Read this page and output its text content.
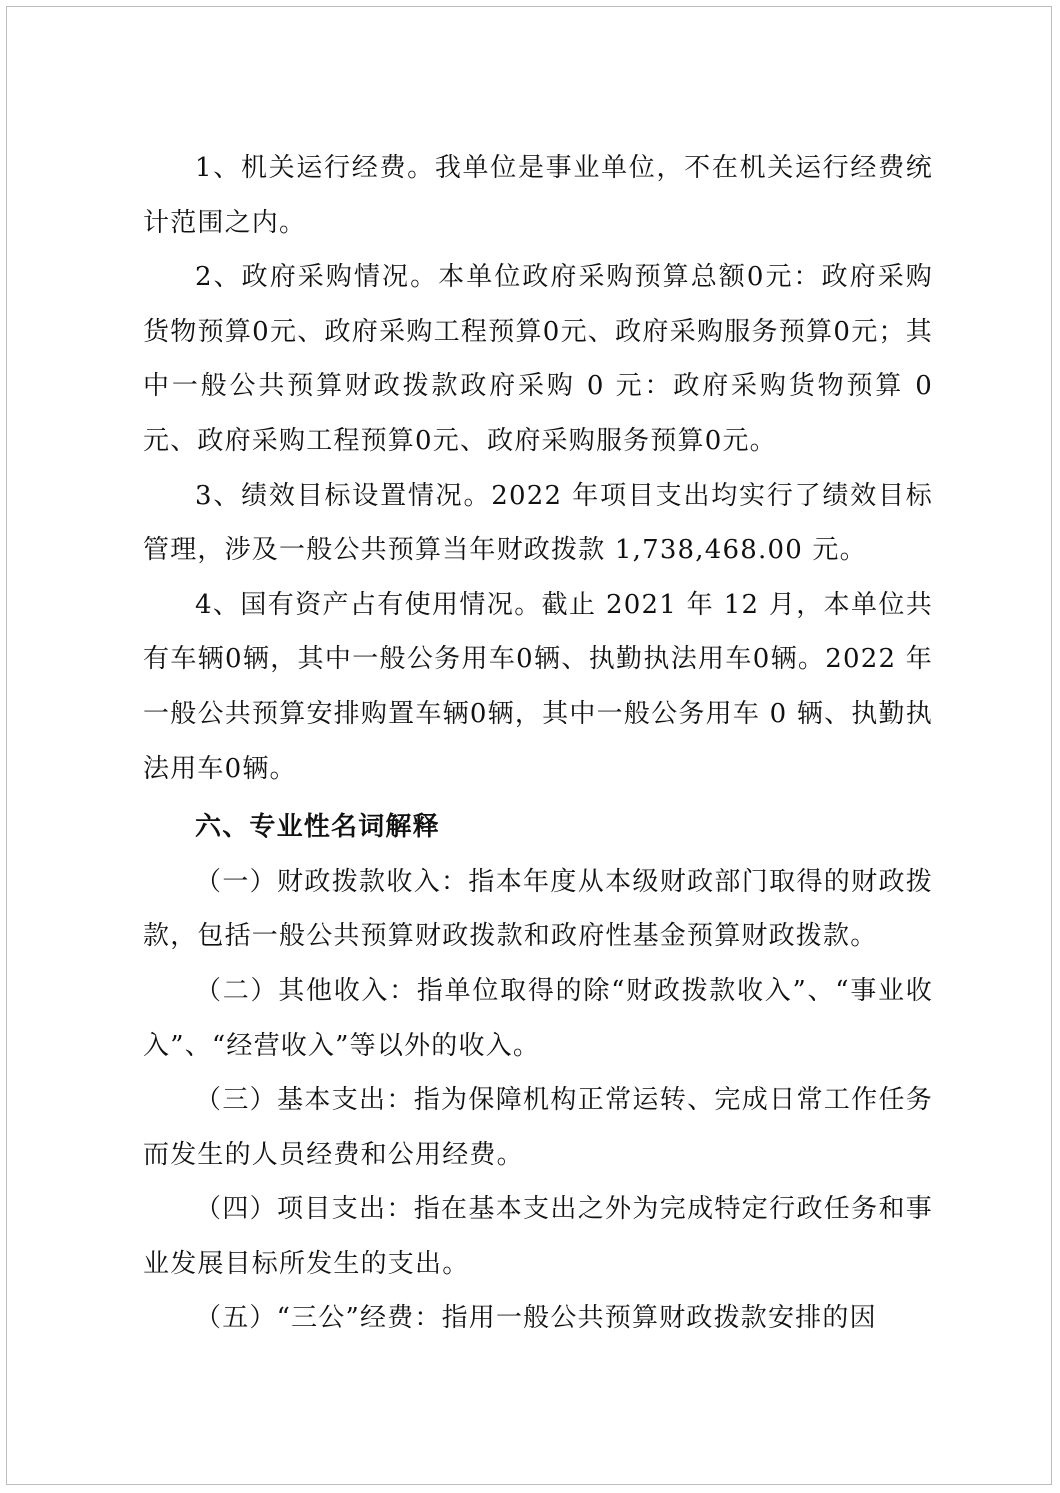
1、机关运行经费。我单位是事业单位，不在机关运行经费统计范围之内。

2、政府采购情况。本单位政府采购预算总额0元：政府采购货物预算0元、政府采购工程预算0元、政府采购服务预算0元；其中一般公共预算财政拨款政府采购 0 元：政府采购货物预算 0 元、政府采购工程预算0元、政府采购服务预算0元。

3、绩效目标设置情况。2022 年项目支出均实行了绩效目标管理，涉及一般公共预算当年财政拨款 1,738,468.00 元。

4、国有资产占有使用情况。截止 2021 年 12 月，本单位共有车辆0辆，其中一般公务用车0辆、执勤执法用车0辆。2022 年一般公共预算安排购置车辆0辆，其中一般公务用车 0 辆、执勤执法用车0辆。

六、专业性名词解释

（一）财政拨款收入：指本年度从本级财政部门取得的财政拨款，包括一般公共预算财政拨款和政府性基金预算财政拨款。

（二）其他收入：指单位取得的除“财政拨款收入”、“事业收入”、“经营收入”等以外的收入。

（三）基本支出：指为保障机构正常运转、完成日常工作任务而发生的人员经费和公用经费。

（四）项目支出：指在基本支出之外为完成特定行政任务和事业发展目标所发生的支出。

（五）“三公”经费：指用一般公共预算财政拨款安排的因
